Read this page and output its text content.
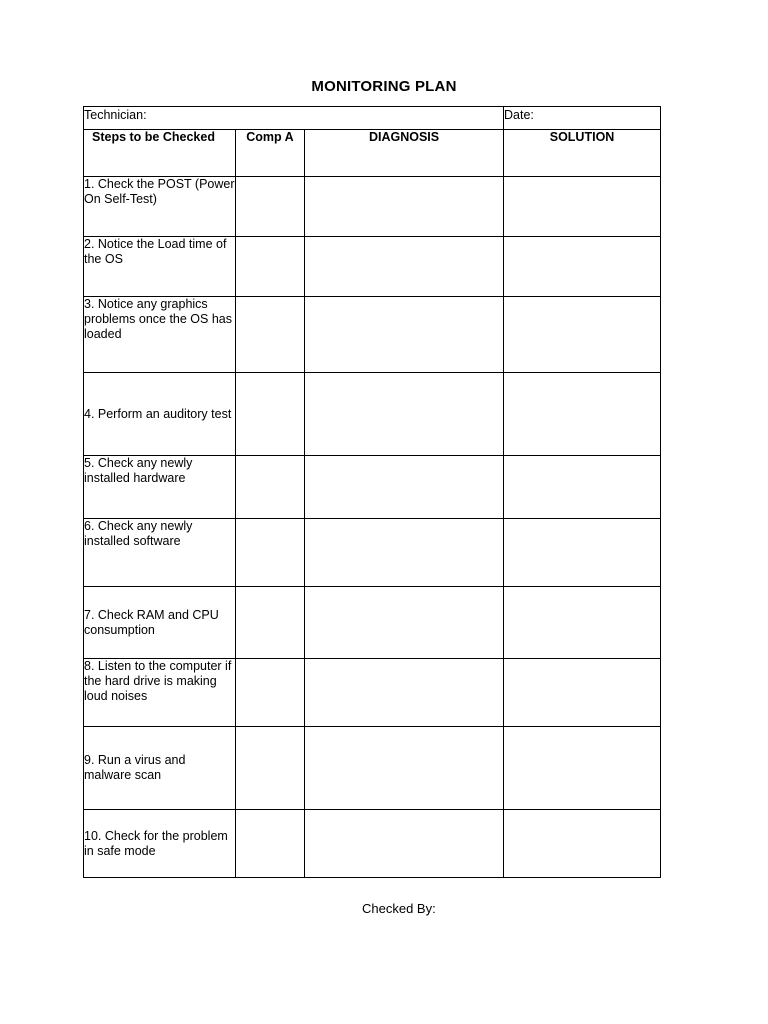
MONITORING PLAN
Technician:			Date:

Steps to be Checked	Comp A	DIAGNOSIS	SOLUTION
1. Check the POST (Power On Self-Test)			
2. Notice the Load time of the OS			
3. Notice any graphics problems once the OS has loaded			
4. Perform an auditory test			
5. Check any newly installed hardware			
6. Check any newly installed software			
7. Check RAM and CPU consumption			
8. Listen to the computer if the hard drive is making loud noises			
9. Run a virus and malware scan			
10. Check for the problem in safe mode			
Checked By:
